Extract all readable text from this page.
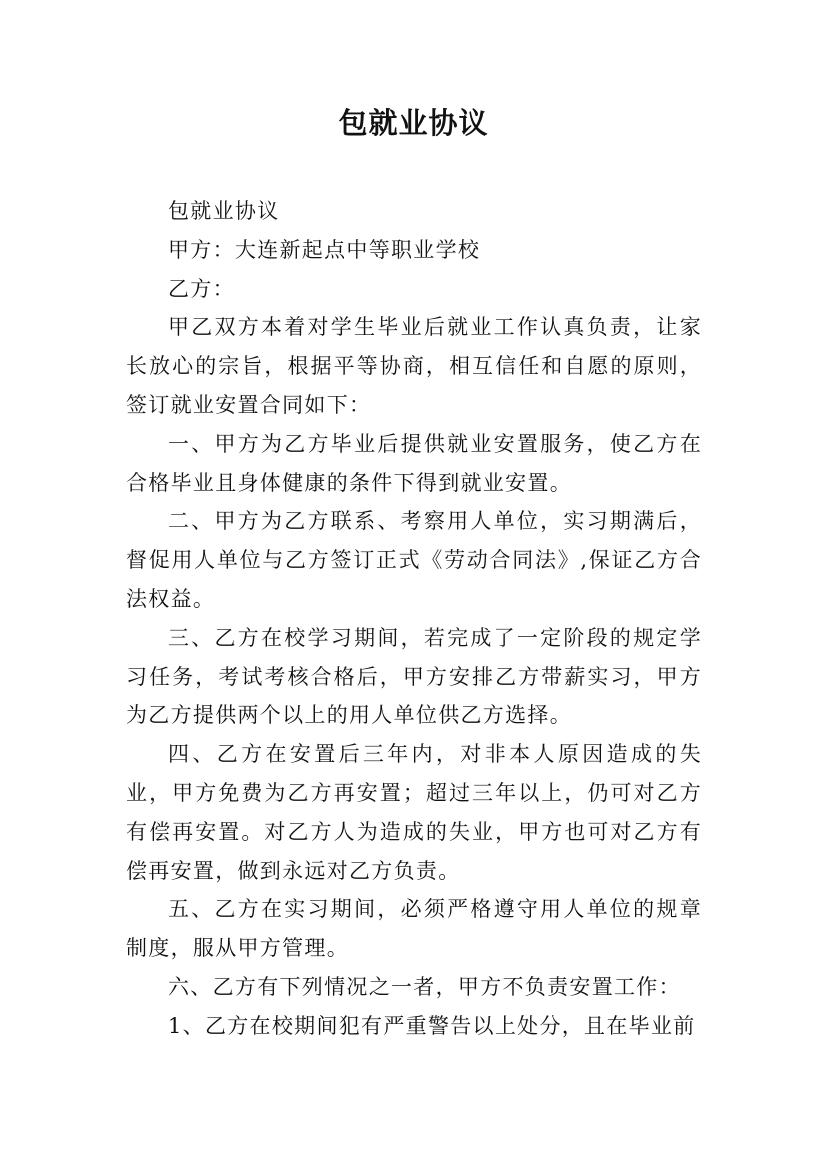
包就业协议

包就业协议

甲方：大连新起点中等职业学校

乙方：

甲乙双方本着对学生毕业后就业工作认真负责，让家长放心的宗旨，根据平等协商，相互信任和自愿的原则，签订就业安置合同如下：

一、甲方为乙方毕业后提供就业安置服务，使乙方在合格毕业且身体健康的条件下得到就业安置。

二、甲方为乙方联系、考察用人单位，实习期满后，督促用人单位与乙方签订正式《劳动合同法》,保证乙方合法权益。

三、乙方在校学习期间，若完成了一定阶段的规定学习任务，考试考核合格后，甲方安排乙方带薪实习，甲方为乙方提供两个以上的用人单位供乙方选择。

四、乙方在安置后三年内，对非本人原因造成的失业，甲方免费为乙方再安置；超过三年以上，仍可对乙方有偿再安置。对乙方人为造成的失业，甲方也可对乙方有偿再安置，做到永远对乙方负责。

五、乙方在实习期间，必须严格遵守用人单位的规章制度，服从甲方管理。

六、乙方有下列情况之一者，甲方不负责安置工作：

1、乙方在校期间犯有严重警告以上处分，且在毕业前
